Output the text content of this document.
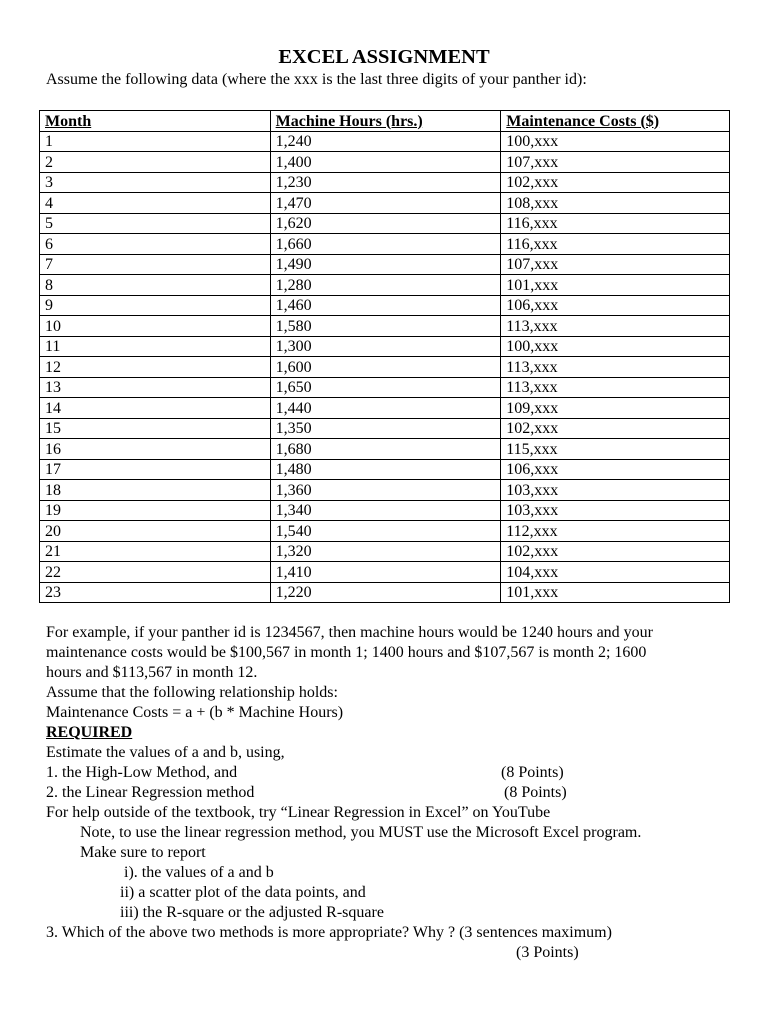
EXCEL ASSIGNMENT
Assume the following data (where the xxx is the last three digits of your panther id):
Month	Machine Hours (hrs.)	Maintenance Costs ($)
1	1,240	100,xxx
2	1,400	107,xxx
3	1,230	102,xxx
4	1,470	108,xxx
5	1,620	116,xxx
6	1,660	116,xxx
7	1,490	107,xxx
8	1,280	101,xxx
9	1,460	106,xxx
10	1,580	113,xxx
11	1,300	100,xxx
12	1,600	113,xxx
13	1,650	113,xxx
14	1,440	109,xxx
15	1,350	102,xxx
16	1,680	115,xxx
17	1,480	106,xxx
18	1,360	103,xxx
19	1,340	103,xxx
20	1,540	112,xxx
21	1,320	102,xxx
22	1,410	104,xxx
23	1,220	101,xxx

For example, if your panther id is 1234567, then machine hours would be 1240 hours and your

maintenance costs would be $100,567 in month 1; 1400 hours and $107,567 is month 2; 1600

hours and $113,567 in month 12.

Assume that the following relationship holds:

Maintenance Costs = a + (b * Machine Hours)

REQUIRED

Estimate the values of a and b, using,

1. the High-Low Method, and	(8 Points)

2. the Linear Regression method	(8 Points)

For help outside of the textbook, try “Linear Regression in Excel” on YouTube

Note, to use the linear regression method, you MUST use the Microsoft Excel program.

Make sure to report

i). the values of a and b

ii) a scatter plot of the data points, and

iii) the R-square or the adjusted R-square

3. Which of the above two methods is more appropriate? Why ? (3 sentences maximum)

(3 Points)
